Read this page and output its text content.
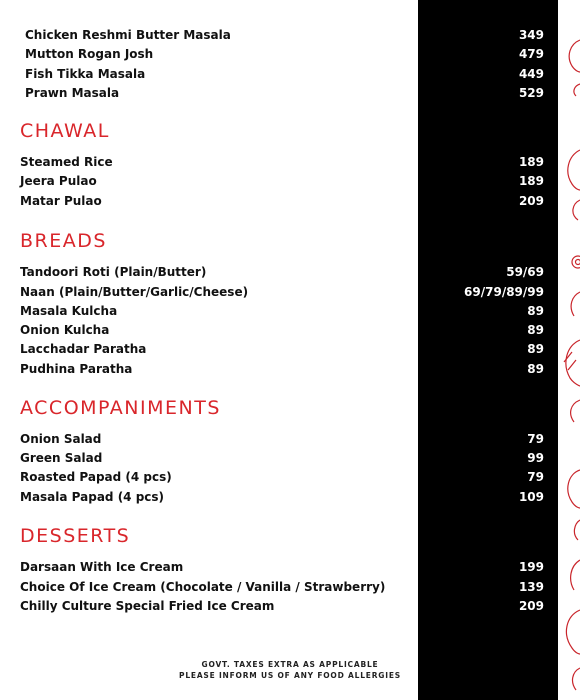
Chicken Reshmi Butter Masala	349
Mutton Rogan Josh	479
Fish Tikka Masala	449
Prawn Masala	529
CHAWAL
Steamed Rice	189
Jeera Pulao	189
Matar Pulao	209
BREADS
Tandoori Roti (Plain/Butter)	59/69
Naan (Plain/Butter/Garlic/Cheese)	69/79/89/99
Masala Kulcha	89
Onion Kulcha	89
Lacchadar Paratha	89
Pudhina Paratha	89
ACCOMPANIMENTS
Onion Salad	79
Green Salad	99
Roasted Papad (4 pcs)	79
Masala Papad (4 pcs)	109
DESSERTS
Darsaan With Ice Cream	199
Choice Of Ice Cream (Chocolate / Vanilla / Strawberry)	139
Chilly Culture Special Fried Ice Cream	209
GOVT. TAXES EXTRA AS APPLICABLE
PLEASE INFORM US OF ANY FOOD ALLERGIES
